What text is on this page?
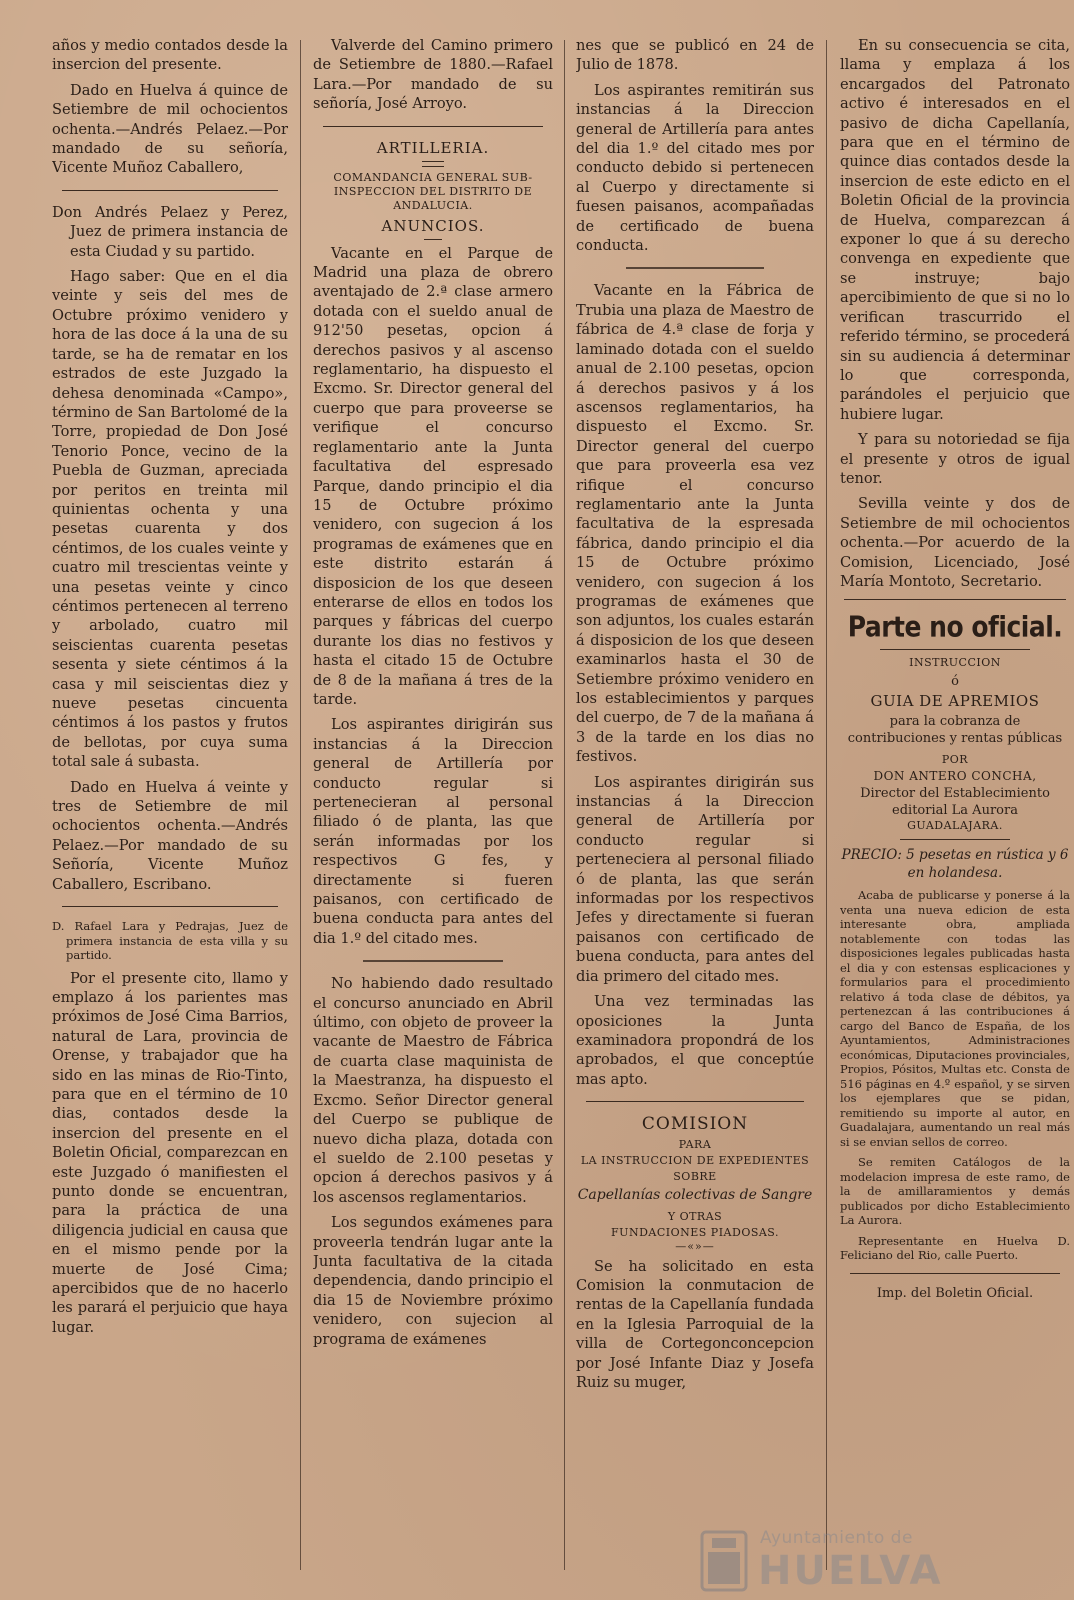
años y medio contados desde la insercion del presente.

Dado en Huelva á quince de Setiembre de mil ochocientos ochenta.—Andrés Pelaez.—Por mandado de su señoría, Vicente Muñoz Caballero,

Don Andrés Pelaez y Perez, Juez de primera instancia de esta Ciudad y su partido.

Hago saber: Que en el dia veinte y seis del mes de Octubre próximo venidero y hora de las doce á la una de su tarde, se ha de rematar en los estrados de este Juzgado la dehesa denominada «Campo», término de San Bartolomé de la Torre, propiedad de Don José Tenorio Ponce, vecino de la Puebla de Guzman, apreciada por peritos en treinta mil quinientas ochenta y una pesetas cuarenta y dos céntimos, de los cuales veinte y cuatro mil trescientas veinte y una pesetas veinte y cinco céntimos pertenecen al terreno y arbolado, cuatro mil seiscientas cuarenta pesetas sesenta y siete céntimos á la casa y mil seiscientas diez y nueve pesetas cincuenta céntimos á los pastos y frutos de bellotas, por cuya suma total sale á subasta.

Dado en Huelva á veinte y tres de Setiembre de mil ochocientos ochenta.—Andrés Pelaez.—Por mandado de su Señoría, Vicente Muñoz Caballero, Escribano.

D. Rafael Lara y Pedrajas, Juez de primera instancia de esta villa y su partido.

Por el presente cito, llamo y emplazo á los parientes mas próximos de José Cima Barrios, natural de Lara, provincia de Orense, y trabajador que ha sido en las minas de Rio-Tinto, para que en el término de 10 dias, contados desde la insercion del presente en el Boletin Oficial, comparezcan en este Juzgado ó manifiesten el punto donde se encuentran, para la práctica de una diligencia judicial en causa que en el mismo pende por la muerte de José Cima; apercibidos que de no hacerlo les parará el perjuicio que haya lugar.

Valverde del Camino primero de Setiembre de 1880.—Rafael Lara.—Por mandado de su señoría, José Arroyo.

ARTILLERIA.

COMANDANCIA GENERAL SUB-INSPECCION DEL DISTRITO DE ANDALUCIA.

ANUNCIOS.

Vacante en el Parque de Madrid una plaza de obrero aventajado de 2.ª clase armero dotada con el sueldo anual de 912'50 pesetas, opcion á derechos pasivos y al ascenso reglamentario, ha dispuesto el Excmo. Sr. Director general del cuerpo que para proveerse se verifique el concurso reglamentario ante la Junta facultativa del espresado Parque, dando principio el dia 15 de Octubre próximo venidero, con sugecion á los programas de exámenes que en este distrito estarán á disposicion de los que deseen enterarse de ellos en todos los parques y fábricas del cuerpo durante los dias no festivos y hasta el citado 15 de Octubre de 8 de la mañana á tres de la tarde.

Los aspirantes dirigirán sus instancias á la Direccion general de Artillería por conducto regular si pertenecieran al personal filiado ó de planta, las que serán informadas por los respectivos G fes, y directamente si fueren paisanos, con certificado de buena conducta para antes del dia 1.º del citado mes.

No habiendo dado resultado el concurso anunciado en Abril último, con objeto de proveer la vacante de Maestro de Fábrica de cuarta clase maquinista de la Maestranza, ha dispuesto el Excmo. Señor Director general del Cuerpo se publique de nuevo dicha plaza, dotada con el sueldo de 2.100 pesetas y opcion á derechos pasivos y á los ascensos reglamentarios.

Los segundos exámenes para proveerla tendrán lugar ante la Junta facultativa de la citada dependencia, dando principio el dia 15 de Noviembre próximo venidero, con sujecion al programa de exámenes

nes que se publicó en 24 de Julio de 1878.

Los aspirantes remitirán sus instancias á la Direccion general de Artillería para antes del dia 1.º del citado mes por conducto debido si pertenecen al Cuerpo y directamente si fuesen paisanos, acompañadas de certificado de buena conducta.

Vacante en la Fábrica de Trubia una plaza de Maestro de fábrica de 4.ª clase de forja y laminado dotada con el sueldo anual de 2.100 pesetas, opcion á derechos pasivos y á los ascensos reglamentarios, ha dispuesto el Excmo. Sr. Director general del cuerpo que para proveerla esa vez rifique el concurso reglamentario ante la Junta facultativa de la espresada fábrica, dando principio el dia 15 de Octubre próximo venidero, con sugecion á los programas de exámenes que son adjuntos, los cuales estarán á disposicion de los que deseen examinarlos hasta el 30 de Setiembre próximo venidero en los establecimientos y parques del cuerpo, de 7 de la mañana á 3 de la tarde en los dias no festivos.

Los aspirantes dirigirán sus instancias á la Direccion general de Artillería por conducto regular si perteneciera al personal filiado ó de planta, las que serán informadas por los respectivos Jefes y directamente si fueran paisanos con certificado de buena conducta, para antes del dia primero del citado mes.

Una vez terminadas las oposiciones la Junta examinadora propondrá de los aprobados, el que conceptúe mas apto.

COMISION

PARA

LA INSTRUCCION DE EXPEDIENTES

SOBRE

Capellanías colectivas de Sangre

Y OTRAS

FUNDACIONES PIADOSAS.

—«»—

Se ha solicitado en esta Comision la conmutacion de rentas de la Capellanía fundada en la Iglesia Parroquial de la villa de Cortegonconcepcion por José Infante Diaz y Josefa Ruiz su muger,

En su consecuencia se cita, llama y emplaza á los encargados del Patronato activo é interesados en el pasivo de dicha Capellanía, para que en el término de quince dias contados desde la insercion de este edicto en el Boletin Oficial de la provincia de Huelva, comparezcan á exponer lo que á su derecho convenga en expediente que se instruye; bajo apercibimiento de que si no lo verifican trascurrido el referido término, se procederá sin su audiencia á determinar lo que corresponda, parándoles el perjuicio que hubiere lugar.

Y para su notoriedad se fija el presente y otros de igual tenor.

Sevilla veinte y dos de Setiembre de mil ochocientos ochenta.—Por acuerdo de la Comision, Licenciado, José María Montoto, Secretario.

Parte no oficial.

INSTRUCCION

ó

GUIA DE APREMIOS

para la cobranza de contribuciones y rentas públicas

POR

DON ANTERO CONCHA,

Director del Establecimiento editorial La Aurora

GUADALAJARA.

PRECIO: 5 pesetas en rústica y 6 en holandesa.

Acaba de publicarse y ponerse á la venta una nueva edicion de esta interesante obra, ampliada notablemente con todas las disposiciones legales publicadas hasta el dia y con estensas esplicaciones y formularios para el procedimiento relativo á toda clase de débitos, ya pertenezcan á las contribuciones á cargo del Banco de España, de los Ayuntamientos, Administraciones económicas, Diputaciones provinciales, Propios, Pósitos, Multas etc. Consta de 516 páginas en 4.º español, y se sirven los ejemplares que se pidan, remitiendo su importe al autor, en Guadalajara, aumentando un real más si se envian sellos de correo.

Se remiten Catálogos de la modelacion impresa de este ramo, de la de amillaramientos y demás publicados por dicho Establecimiento La Aurora.

Representante en Huelva D. Feliciano del Rio, calle Puerto.

Imp. del Boletin Oficial.

Ayuntamiento de
HUELVA
